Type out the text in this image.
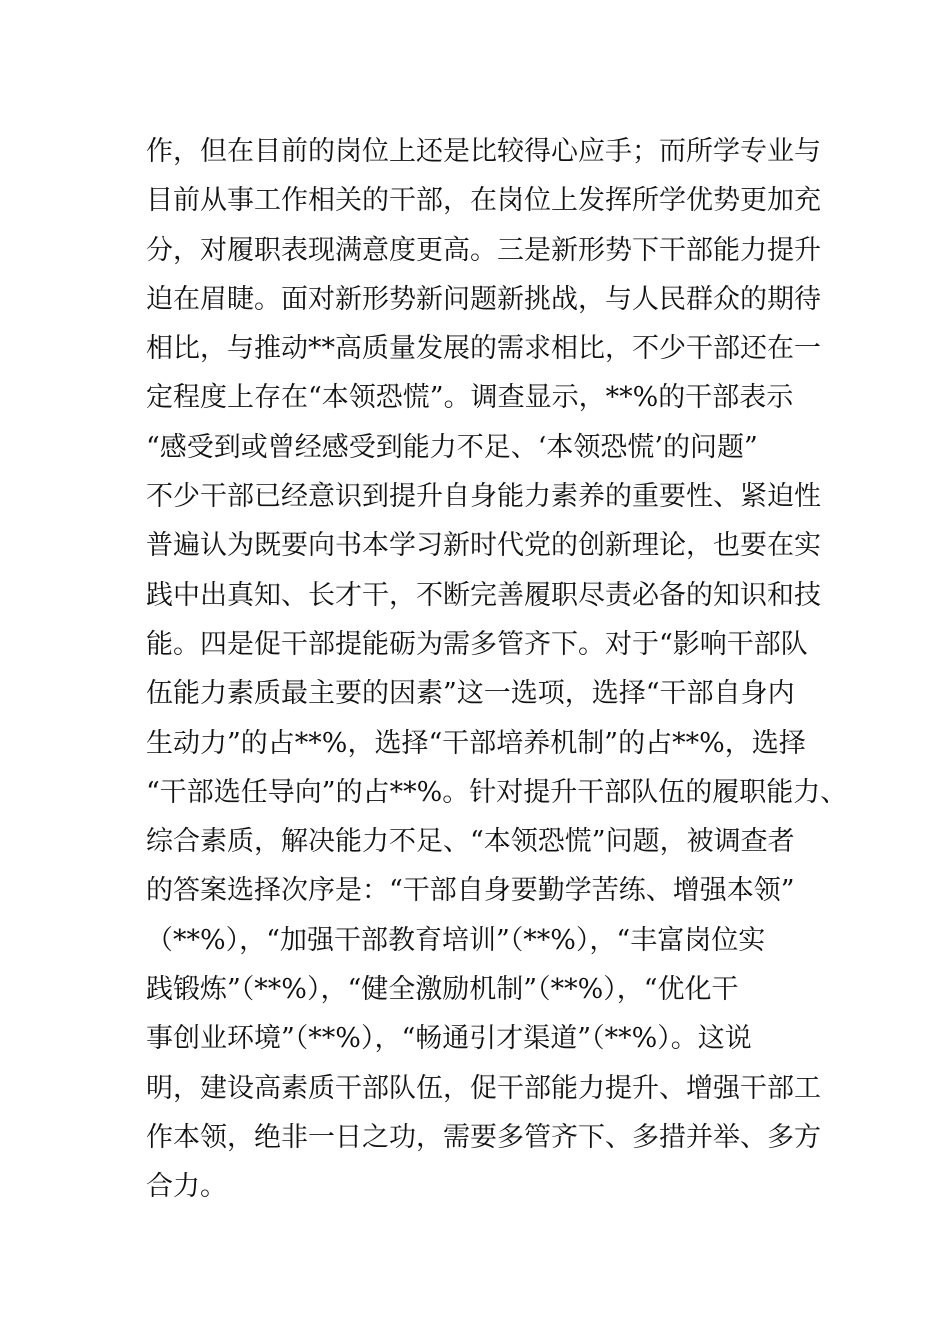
作，但在目前的岗位上还是比较得心应手；而所学专业与
目前从事工作相关的干部，在岗位上发挥所学优势更加充
分，对履职表现满意度更高。三是新形势下干部能力提升
迫在眉睫。面对新形势新问题新挑战，与人民群众的期待
相比，与推动**高质量发展的需求相比，不少干部还在一
定程度上存在“本领恐慌”。调查显示，**%的干部表示
“感受到或曾经感受到能力不足、‘本领恐慌’的问题”
不少干部已经意识到提升自身能力素养的重要性、紧迫性
普遍认为既要向书本学习新时代党的创新理论，也要在实
践中出真知、长才干，不断完善履职尽责必备的知识和技
能。四是促干部提能砺为需多管齐下。对于“影响干部队
伍能力素质最主要的因素”这一选项，选择“干部自身内
生动力”的占**%，选择“干部培养机制”的占**%，选择
“干部选任导向”的占**%。针对提升干部队伍的履职能力、
综合素质，解决能力不足、“本领恐慌”问题，被调查者
的答案选择次序是：“干部自身要勤学苦练、增强本领”
（**%），“加强干部教育培训”（**%），“丰富岗位实
践锻炼”（**%），“健全激励机制”（**%），“优化干
事创业环境”（**%），“畅通引才渠道”（**%）。这说
明，建设高素质干部队伍，促干部能力提升、增强干部工
作本领，绝非一日之功，需要多管齐下、多措并举、多方
合力。
